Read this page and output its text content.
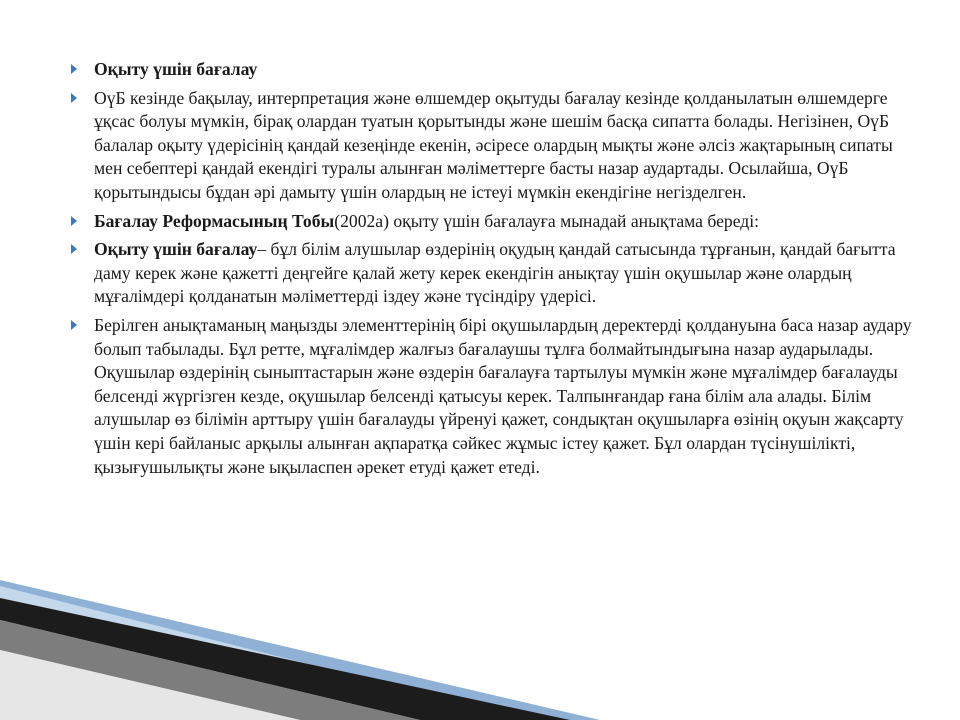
Оқыту үшін бағалау
ОүБ кезінде бақылау, интерпретация және өлшемдер оқытуды бағалау кезінде қолданылатын өлшемдерге ұқсас болуы мүмкін, бірақ олардан туатын қорытынды және шешім басқа сипатта болады. Негізінен, ОүБ балалар оқыту үдерісінің қандай кезеңінде екенін, әсіресе олардың мықты және әлсіз жақтарының сипаты мен себептері қандай екендігі туралы алынған мәліметтерге басты назар аудартады. Осылайша, ОүБ қорытындысы бұдан әрі дамыту үшін олардың не істеуі мүмкін екендігіне негізделген.
Бағалау Реформасының Тобы(2002а) оқыту үшін бағалауға мынадай анықтама береді:
Оқыту үшін бағалау– бұл білім алушылар өздерінің оқудың қандай сатысында тұрғанын, қандай бағытта даму керек және қажетті деңгейге қалай жету керек екендігін анықтау үшін оқушылар және олардың мұғалімдері қолданатын мәліметтерді іздеу және түсіндіру үдерісі.
Берілген анықтаманың маңызды элементтерінің бірі оқушылардың деректерді қолдануына баса назар аудару болып табылады. Бұл ретте, мұғалімдер жалғыз бағалаушы тұлға болмайтындығына назар аударылады. Оқушылар өздерінің сыныптастарын және өздерін бағалауға тартылуы мүмкін және мұғалімдер бағалауды белсенді жүргізген кезде, оқушылар белсенді қатысуы керек. Талпынғандар ғана білім ала алады. Білім алушылар өз білімін арттыру үшін бағалауды үйренуі қажет, сондықтан оқушыларға өзінің оқуын жақсарту үшін кері байланыс арқылы алынған ақпаратқа сәйкес жұмыс істеу қажет. Бұл олардан түсінушілікті, қызығушылықты және ықыласпен әрекет етуді қажет етеді.
